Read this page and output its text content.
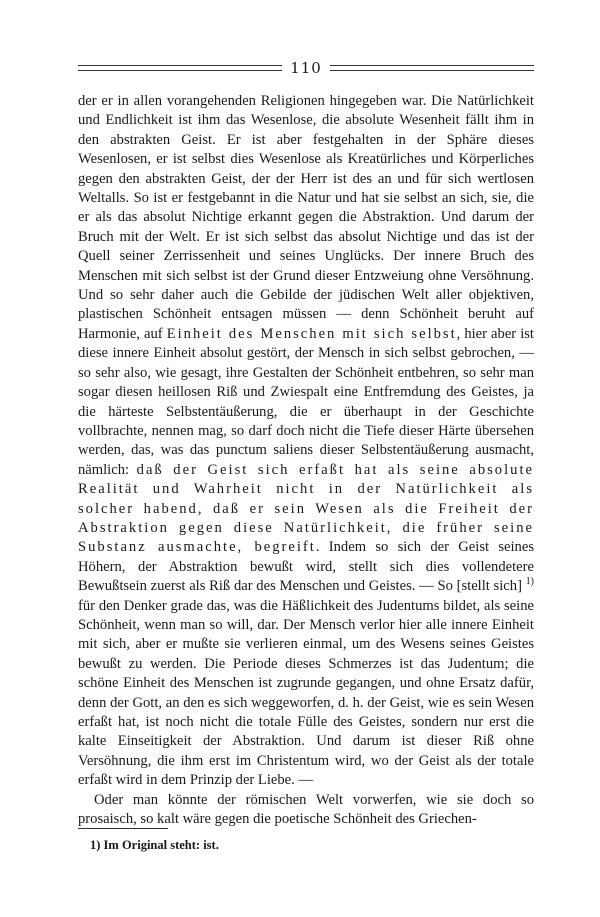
110

der er in allen vorangehenden Religionen hingegeben war. Die Natürlichkeit und Endlichkeit ist ihm das Wesenlose, die absolute Wesenheit fällt ihm in den abstrakten Geist. Er ist aber festgehalten in der Sphäre dieses Wesenlosen, er ist selbst dies Wesenlose als Kreatürliches und Körperliches gegen den abstrakten Geist, der der Herr ist des an und für sich wertlosen Weltalls. So ist er festgebannt in die Natur und hat sie selbst an sich, sie, die er als das absolut Nichtige erkannt gegen die Abstraktion. Und darum der Bruch mit der Welt. Er ist sich selbst das absolut Nichtige und das ist der Quell seiner Zerrissenheit und seines Unglücks. Der innere Bruch des Menschen mit sich selbst ist der Grund dieser Entzweiung ohne Versöhnung. Und so sehr daher auch die Gebilde der jüdischen Welt aller objektiven, plastischen Schönheit entsagen müssen — denn Schönheit beruht auf Harmonie, auf Einheit des Menschen mit sich selbst, hier aber ist diese innere Einheit absolut gestört, der Mensch in sich selbst gebrochen, — so sehr also, wie gesagt, ihre Gestalten der Schönheit entbehren, so sehr man sogar diesen heillosen Riß und Zwiespalt eine Entfremdung des Geistes, ja die härteste Selbstentäußerung, die er überhaupt in der Geschichte vollbrachte, nennen mag, so darf doch nicht die Tiefe dieser Härte übersehen werden, das, was das punctum saliens dieser Selbstentäußerung ausmacht, nämlich: daß der Geist sich erfaßt hat als seine absolute Realität und Wahrheit nicht in der Natürlichkeit als solcher habend, daß er sein Wesen als die Freiheit der Abstraktion gegen diese Natürlichkeit, die früher seine Substanz ausmachte, begreift. Indem so sich der Geist seines Höhern, der Abstraktion bewußt wird, stellt sich dies vollendetere Bewußtsein zuerst als Riß dar des Menschen und Geistes. — So [stellt sich] $^{1)}$ für den Denker grade das, was die Häßlichkeit des Judentums bildet, als seine Schönheit, wenn man so will, dar. Der Mensch verlor hier alle innere Einheit mit sich, aber er mußte sie verlieren einmal, um des Wesens seines Geistes bewußt zu werden. Die Periode dieses Schmerzes ist das Judentum; die schöne Einheit des Menschen ist zugrunde gegangen, und ohne Ersatz dafür, denn der Gott, an den es sich weggeworfen, d. h. der Geist, wie es sein Wesen erfaßt hat, ist noch nicht die totale Fülle des Geistes, sondern nur erst die kalte Einseitigkeit der Abstraktion. Und darum ist dieser Riß ohne Versöhnung, die ihm erst im Christentum wird, wo der Geist als der totale erfaßt wird in dem Prinzip der Liebe. —

Oder man könnte der römischen Welt vorwerfen, wie sie doch so prosaisch, so kalt wäre gegen die poetische Schönheit des Griechen-

1) Im Original steht: ist.
